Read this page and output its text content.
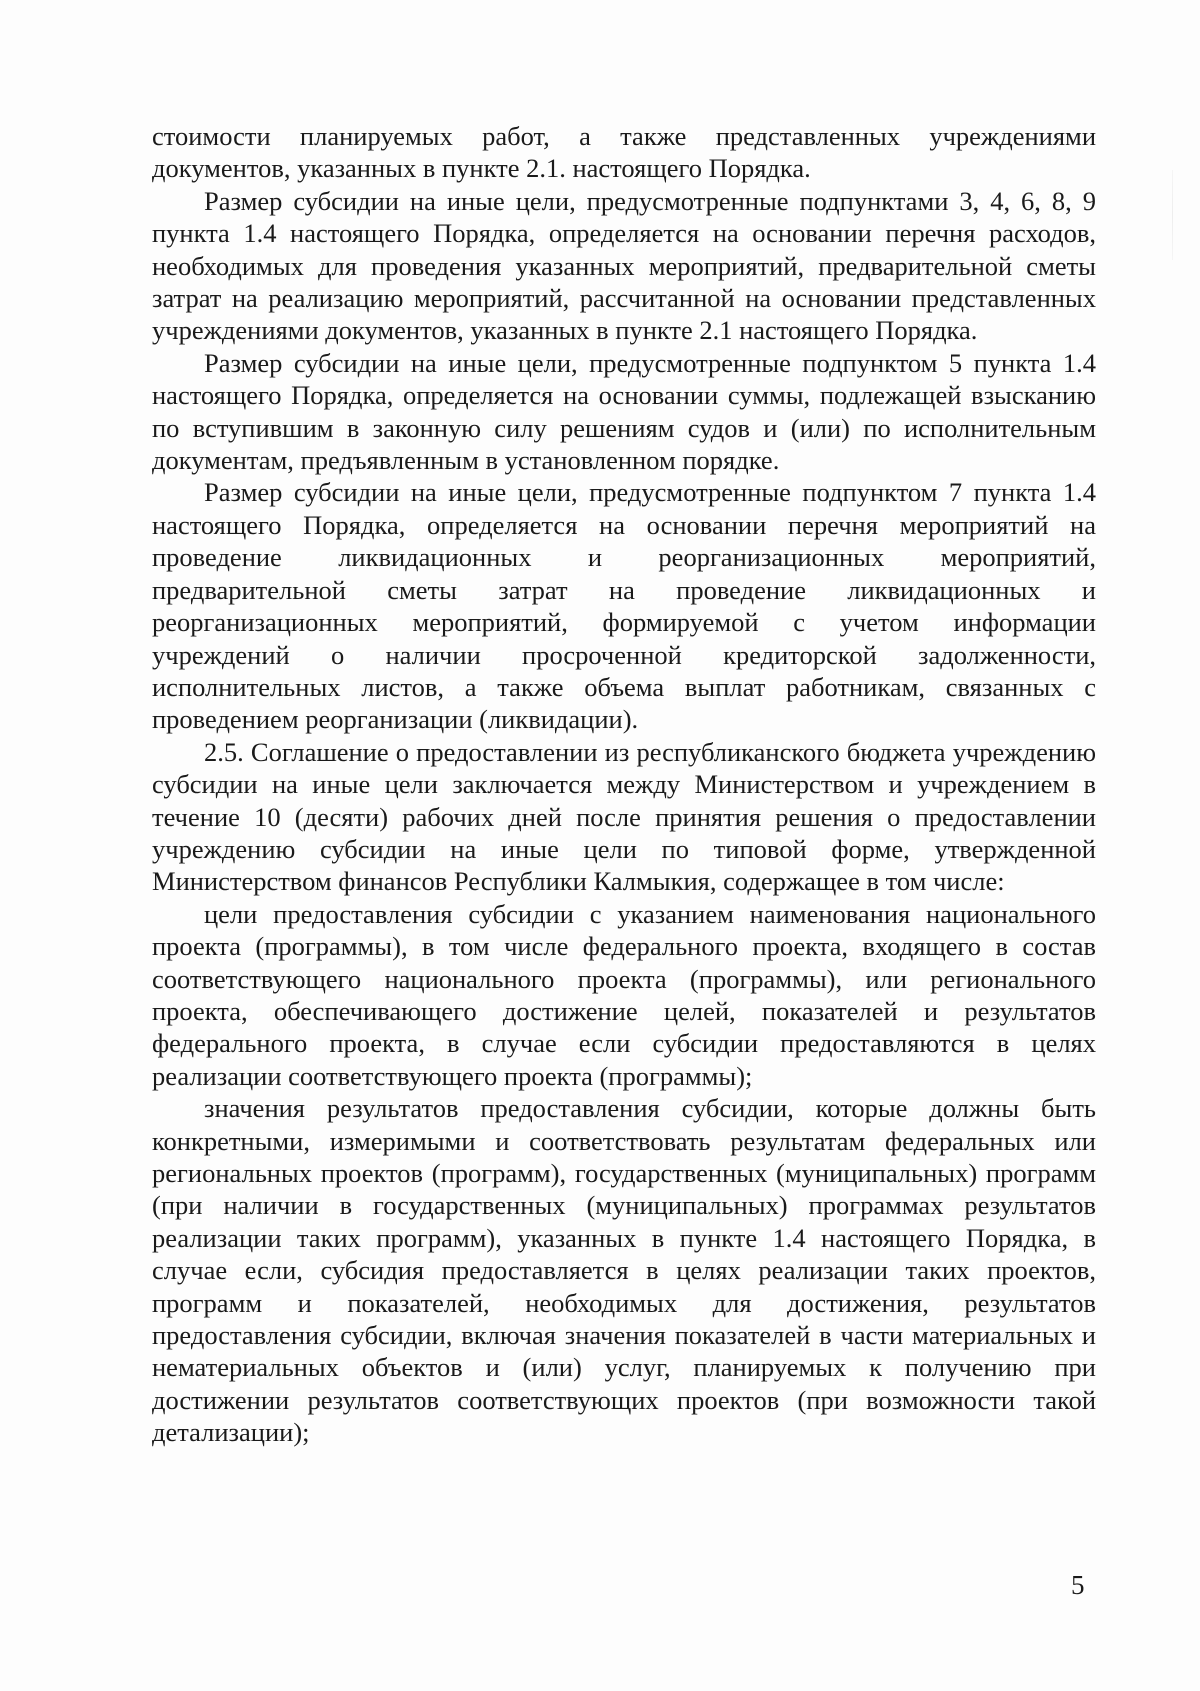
стоимости планируемых работ, а также представленных учреждениями документов, указанных в пункте 2.1. настоящего Порядка.

Размер субсидии на иные цели, предусмотренные подпунктами 3, 4, 6, 8, 9 пункта 1.4 настоящего Порядка, определяется на основании перечня расходов, необходимых для проведения указанных мероприятий, предварительной сметы затрат на реализацию мероприятий, рассчитанной на основании представленных учреждениями документов, указанных в пункте 2.1 настоящего Порядка.

Размер субсидии на иные цели, предусмотренные подпунктом 5 пункта 1.4 настоящего Порядка, определяется на основании суммы, подлежащей взысканию по вступившим в законную силу решениям судов и (или) по исполнительным документам, предъявленным в установленном порядке.

Размер субсидии на иные цели, предусмотренные подпунктом 7 пункта 1.4 настоящего Порядка, определяется на основании перечня мероприятий на проведение ликвидационных и реорганизационных мероприятий, предварительной сметы затрат на проведение ликвидационных и реорганизационных мероприятий, формируемой с учетом информации учреждений о наличии просроченной кредиторской задолженности, исполнительных листов, а также объема выплат работникам, связанных с проведением реорганизации (ликвидации).

2.5. Соглашение о предоставлении из республиканского бюджета учреждению субсидии на иные цели заключается между Министерством и учреждением в течение 10 (десяти) рабочих дней после принятия решения о предоставлении учреждению субсидии на иные цели по типовой форме, утвержденной Министерством финансов Республики Калмыкия, содержащее в том числе:

цели предоставления субсидии с указанием наименования национального проекта (программы), в том числе федерального проекта, входящего в состав соответствующего национального проекта (программы), или регионального проекта, обеспечивающего достижение целей, показателей и результатов федерального проекта, в случае если субсидии предоставляются в целях реализации соответствующего проекта (программы);

значения результатов предоставления субсидии, которые должны быть конкретными, измеримыми и соответствовать результатам федеральных или региональных проектов (программ), государственных (муниципальных) программ (при наличии в государственных (муниципальных) программах результатов реализации таких программ), указанных в пункте 1.4 настоящего Порядка, в случае если, субсидия предоставляется в целях реализации таких проектов, программ и показателей, необходимых для достижения, результатов предоставления субсидии, включая значения показателей в части материальных и нематериальных объектов и (или) услуг, планируемых к получению при достижении результатов соответствующих проектов (при возможности такой детализации);

5
